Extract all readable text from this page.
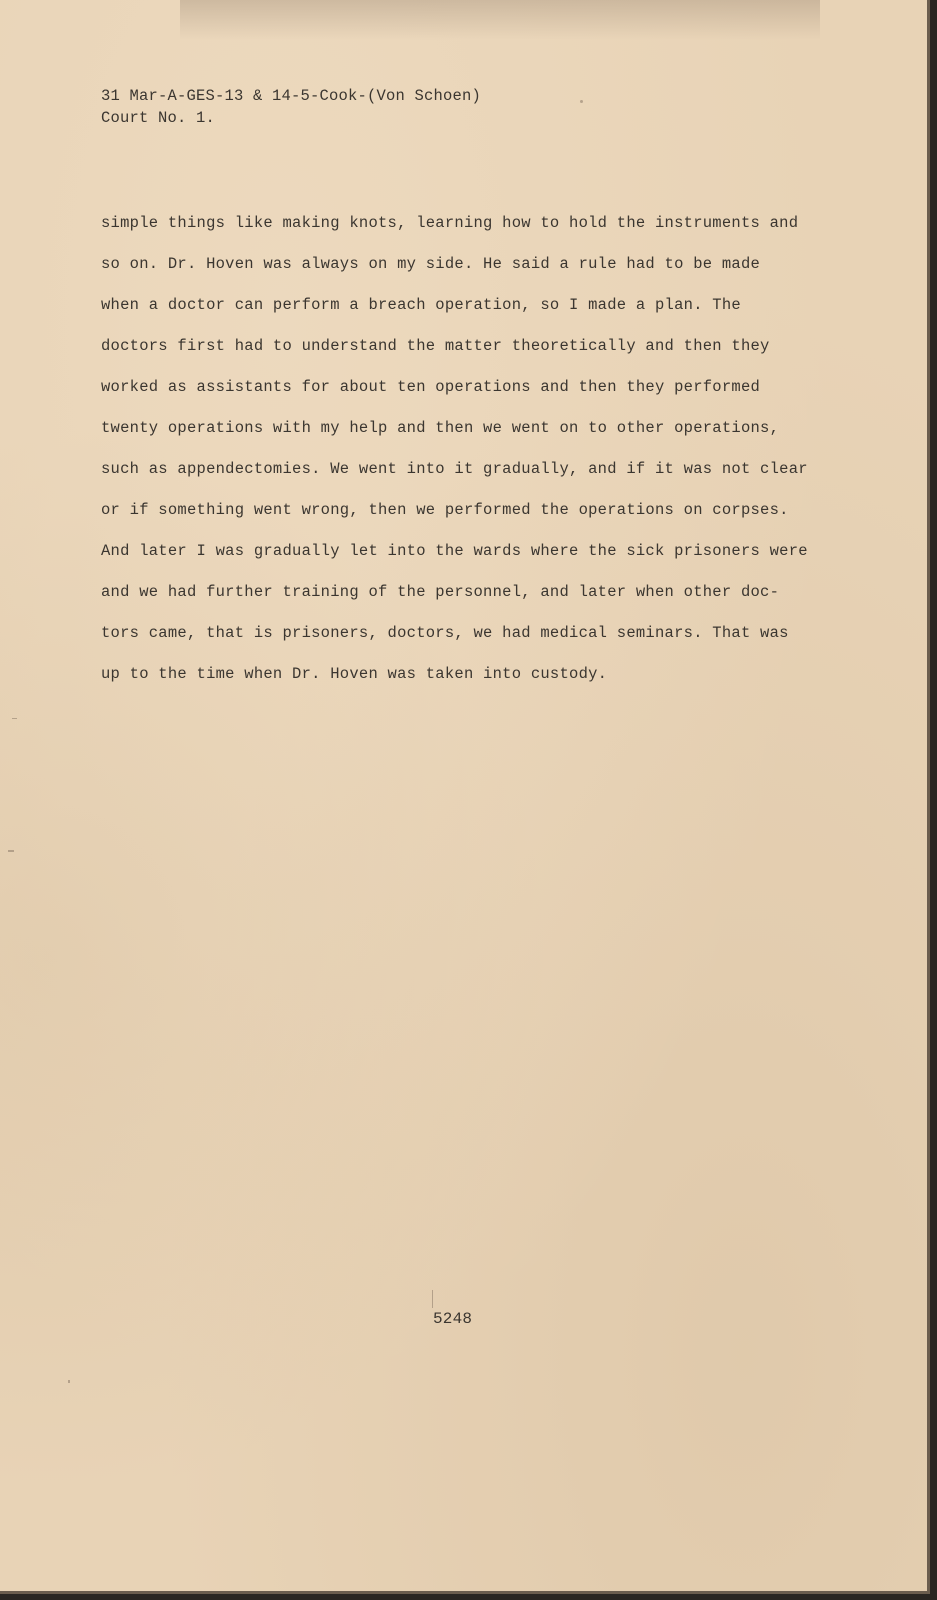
31 Mar-A-GES-13 & 14-5-Cook-(Von Schoen)
Court No. 1.
simple things like making knots, learning how to hold the instruments and
so on. Dr. Hoven was always on my side. He said a rule had to be made
when a doctor can perform a breach operation, so I made a plan. The
doctors first had to understand the matter theoretically and then they
worked as assistants for about ten operations and then they performed
twenty operations with my help and then we went on to other operations,
such as appendectomies. We went into it gradually, and if it was not clear
or if something went wrong, then we performed the operations on corpses.
And later I was gradually let into the wards where the sick prisoners were
and we had further training of the personnel, and later when other doc-
tors came, that is prisoners, doctors, we had medical seminars. That was
up to the time when Dr. Hoven was taken into custody.
5248
